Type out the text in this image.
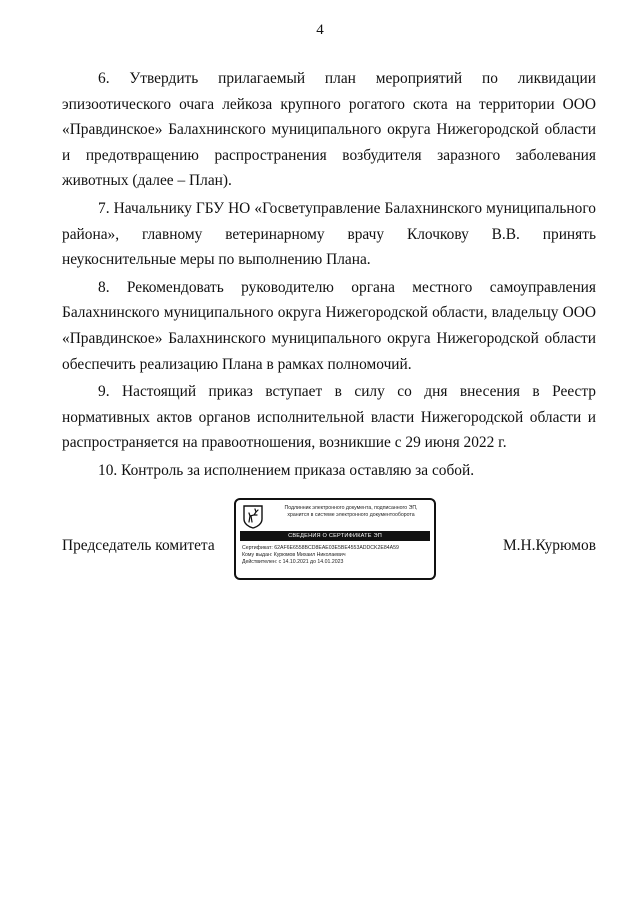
4

6. Утвердить прилагаемый план мероприятий по ликвидации эпизоотического очага лейкоза крупного рогатого скота на территории ООО «Правдинское» Балахнинского муниципального округа Нижегородской области и предотвращению распространения возбудителя заразного заболевания животных (далее – План).

7. Начальнику ГБУ НО «Госветуправление Балахнинского муниципального района», главному ветеринарному врачу Клочкову В.В. принять неукоснительные меры по выполнению Плана.

8. Рекомендовать руководителю органа местного самоуправления Балахнинского муниципального округа Нижегородской области, владельцу ООО «Правдинское» Балахнинского муниципального округа Нижегородской области обеспечить реализацию Плана в рамках полномочий.

9. Настоящий приказ вступает в силу со дня внесения в Реестр нормативных актов органов исполнительной власти Нижегородской области и распространяется на правоотношения, возникшие с 29 июня 2022 г.

10. Контроль за исполнением приказа оставляю за собой.

Председатель комитета
Подлинник электронного документа, подписанного ЭП,
хранится в системе электронного документооборота
СВЕДЕНИЯ О СЕРТИФИКАТЕ ЭП
Сертификат: 62AF6E6558BCD8EAE03E5BE4553ADDCK2E84A59
Кому выдан: Курюмов Михаил Николаевич
Действителен: с 14.10.2021 до 14.01.2023
М.Н.Курюмов
